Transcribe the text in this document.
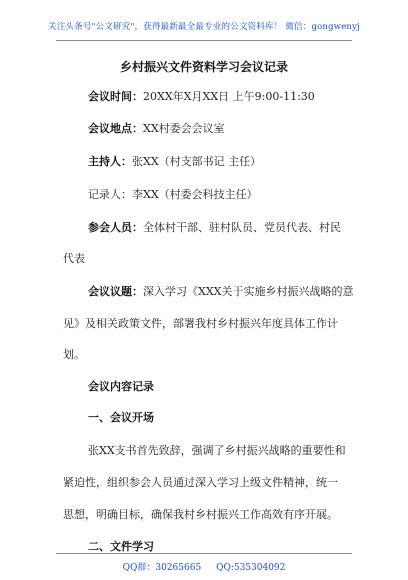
关注头条号"公文研究"，获得最新最全最专业的公文资料库！ 微信：gongwenyj
乡村振兴文件资料学习会议记录
会议时间：20XX年X月XX日 上午9:00-11:30
会议地点：XX村委会会议室
主持人：张XX（村支部书记 主任）
记录人：李XX（村委会科技主任）
参会人员：全体村干部、驻村队员、党员代表、村民
代表
会议议题：深入学习《XXX关于实施乡村振兴战略的意
见》及相关政策文件，部署我村乡村振兴年度具体工作计
划。
会议内容记录
一、会议开场
张XX支书首先致辞，强调了乡村振兴战略的重要性和
紧迫性，组织参会人员通过深入学习上级文件精神，统一
思想，明确目标，确保我村乡村振兴工作高效有序开展。
二、文件学习
QQ群：30265665 QQ:535304092
